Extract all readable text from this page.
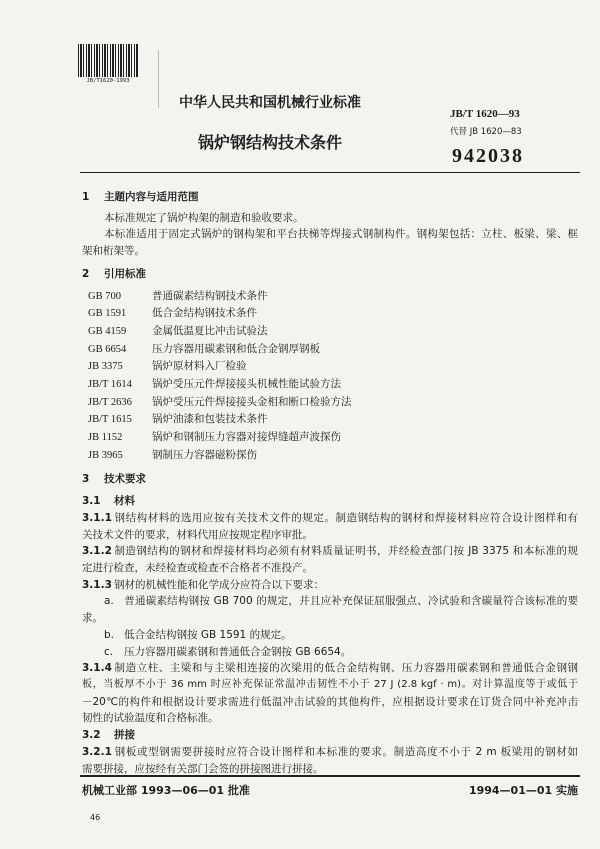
JB/T1620-1993
中华人民共和国机械行业标准
锅炉钢结构技术条件
JB/T 1620—93
代替 JB 1620—83
942038
1 主题内容与适用范围
本标准规定了锅炉构架的制造和验收要求。
本标准适用于固定式锅炉的钢构架和平台扶梯等焊接式钢制构件。钢构架包括：立柱、板梁、梁、框
架和桁架等。
2 引用标准
GB 700	普通碳素结构钢技术条件
GB 1591 低合金结构钢技术条件
GB 4159 金属低温夏比冲击试验法
GB 6654 压力容器用碳素钢和低合金钢厚钢板
JB 3375	锅炉原材料入厂检验
JB/T 1614 锅炉受压元件焊接接头机械性能试验方法
JB/T 2636 锅炉受压元件焊接接头金相和断口检验方法
JB/T 1615 锅炉油漆和包装技术条件
JB 1152	锅炉和钢制压力容器对接焊缝超声波探伤
JB 3965	钢制压力容器磁粉探伤
3 技术要求
3.1 材料
3.1.1 钢结构材料的选用应按有关技术文件的规定。制造钢结构的钢材和焊接材料应符合设计图样和有
关技术文件的要求，材料代用应按规定程序审批。
3.1.2 制造钢结构的钢材和焊接材料均必须有材料质量证明书，并经检查部门按 JB 3375 和本标准的规
定进行检查，未经检查或检查不合格者不准投产。
3.1.3 钢材的机械性能和化学成分应符合以下要求：
a. 普通碳素结构钢按 GB 700 的规定，并且应补充保证屈服强点、冷试验和含碳量符合该标准的要
求。
b. 低合金结构钢按 GB 1591 的规定。
c. 压力容器用碳素钢和普通低合金钢按 GB 6654。
3.1.4 制造立柱、主梁和与主梁相连接的次梁用的低合金结构钢、压力容器用碳素钢和普通低合金钢钢
板，当板厚不小于 36 mm 时应补充保证常温冲击韧性不小于 27 J (2.8 kgf · m)。对计算温度等于或低于
－20℃的构件和根据设计要求需进行低温冲击试验的其他构件，应根据设计要求在订货合同中补充冲击
韧性的试验温度和合格标准。
3.2 拼接
3.2.1 钢板或型钢需要拼接时应符合设计图样和本标准的要求。制造高度不小于 2 m 板梁用的钢材如
需要拼接，应按经有关部门会签的拼接图进行拼接。
机械工业部 1993—06—01 批准	1994—01—01 实施
46
